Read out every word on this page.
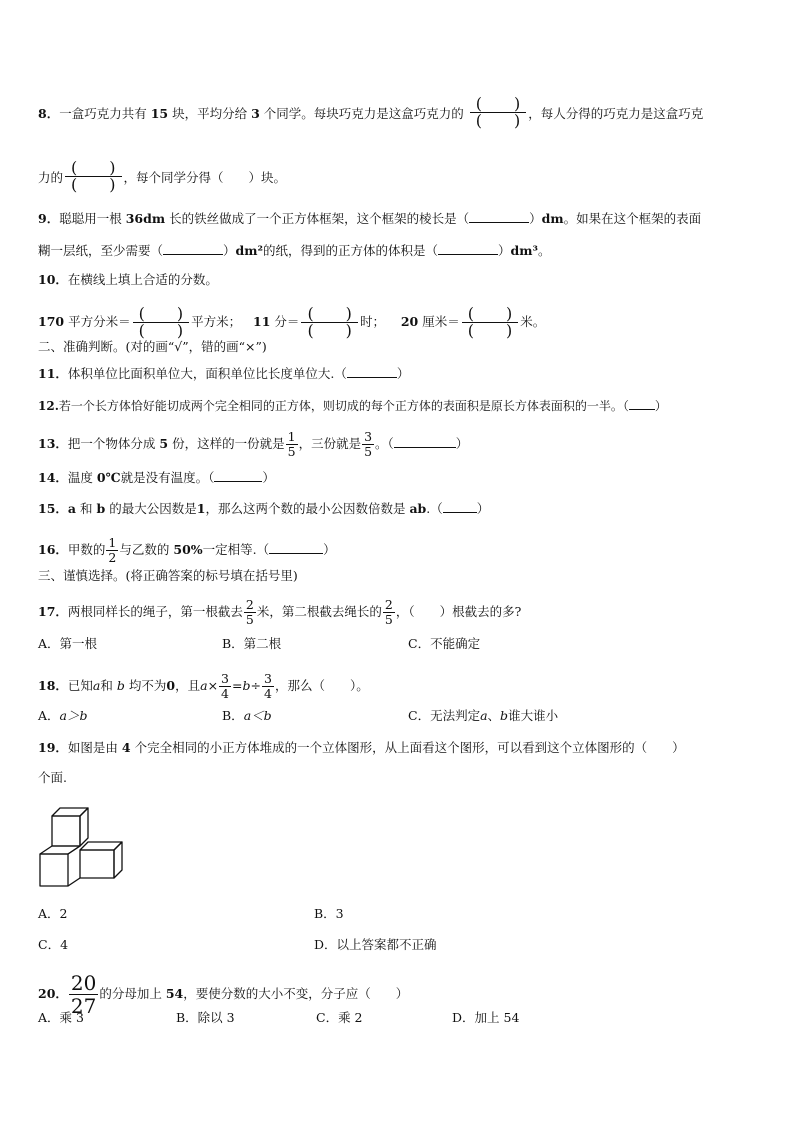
8．一盒巧克力共有 15 块，平均分给 3 个同学。每块巧克力是这盒巧克力的
(　　)
(　　) ，每人分得的巧克力是这盒巧克
力的
(　　)
(　　) ，每个同学分得（　　）块。
9．聪聪用一根 36dm 长的铁丝做成了一个正方体框架，这个框架的棱长是（	）dm。如果在这个框架的表面
糊一层纸，至少需要（	）dm²的纸，得到的正方体的体积是（	）dm³。
10．在横线上填上合适的分数。
170 平方分米＝ (　　)
(　　) 平方米； 11 分＝ (　　)
(　　) 时； 20 厘米＝ (　　)
(　　) 米。
二、准确判断。(对的画“√”，错的画“×”)
11．体积单位比面积单位大，面积单位比长度单位大.（	）
12.若一个长方体恰好能切成两个完全相同的正方体，则切成的每个正方体的表面积是原长方体表面积的一半。（ ）
13．把一个物体分成 5 份，这样的一份就是 $\frac{1}{5}$ ，三份就是 $\frac{3}{5}$ 。（	）
14．温度 0℃就是没有温度。（	）
15．a 和 b 的最大公因数是1，那么这两个数的最小公因数倍数是 ab.（	）
16．甲数的 $\frac{1}{2}$ 与乙数的 50%一定相等.（	）
三、谨慎选择。(将正确答案的标号填在括号里)
17．两根同样长的绳子，第一根截去 $\frac{2}{5}$ 米，第二根截去绳长的 $\frac{2}{5}$ ，（　　）根截去的多?
A．第一根	B．第二根	C．不能确定
18．已知a和 b 均不为0，且$a\times \frac{3}{4} =b\div \frac{3}{4}$ ，那么（　　）。
A．a＞b	B．a＜b	C．无法判定a、b谁大谁小
19．如图是由 4 个完全相同的小正方体堆成的一个立体图形，从上面看这个图形，可以看到这个立体图形的（　　）
个面.
A．2	B．3
C．4	D．以上答案都不正确
20． $\frac{20}{27}$ 的分母加上 54，要使分数的大小不变，分子应（　　）
A．乘 3	B．除以 3	C．乘 2	D．加上 54
